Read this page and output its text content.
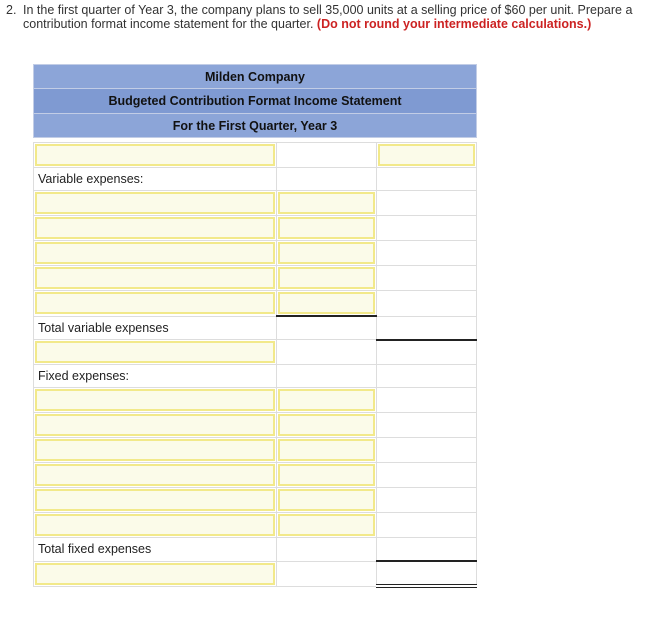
2. In the first quarter of Year 3, the company plans to sell 35,000 units at a selling price of $60 per unit. Prepare a contribution format income statement for the quarter. (Do not round your intermediate calculations.)
Milden Company		
Budgeted Contribution Format Income Statement		
For the First Quarter, Year 3		

Variable expenses:		

Total variable expenses		

Fixed expenses:		

Total fixed expenses		
